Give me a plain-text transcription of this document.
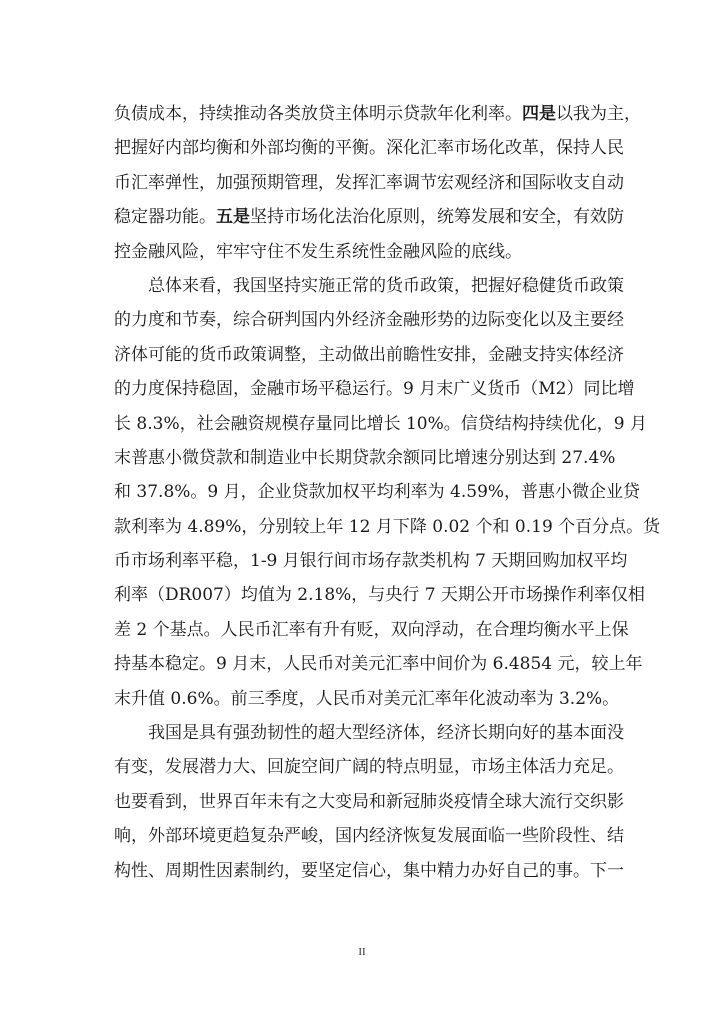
负债成本，持续推动各类放贷主体明示贷款年化利率。四是以我为主，
把握好内部均衡和外部均衡的平衡。深化汇率市场化改革，保持人民
币汇率弹性，加强预期管理，发挥汇率调节宏观经济和国际收支自动
稳定器功能。五是坚持市场化法治化原则，统筹发展和安全，有效防
控金融风险，牢牢守住不发生系统性金融风险的底线。
总体来看，我国坚持实施正常的货币政策，把握好稳健货币政策
的力度和节奏，综合研判国内外经济金融形势的边际变化以及主要经
济体可能的货币政策调整，主动做出前瞻性安排，金融支持实体经济
的力度保持稳固，金融市场平稳运行。9 月末广义货币（M2）同比增
长 8.3%，社会融资规模存量同比增长 10%。信贷结构持续优化，9 月
末普惠小微贷款和制造业中长期贷款余额同比增速分别达到 27.4%
和 37.8%。9 月，企业贷款加权平均利率为 4.59%，普惠小微企业贷
款利率为 4.89%，分别较上年 12 月下降 0.02 个和 0.19 个百分点。货
币市场利率平稳，1-9 月银行间市场存款类机构 7 天期回购加权平均
利率（DR007）均值为 2.18%，与央行 7 天期公开市场操作利率仅相
差 2 个基点。人民币汇率有升有贬，双向浮动，在合理均衡水平上保
持基本稳定。9 月末，人民币对美元汇率中间价为 6.4854 元，较上年
末升值 0.6%。前三季度，人民币对美元汇率年化波动率为 3.2%。
我国是具有强劲韧性的超大型经济体，经济长期向好的基本面没
有变，发展潜力大、回旋空间广阔的特点明显，市场主体活力充足。
也要看到，世界百年未有之大变局和新冠肺炎疫情全球大流行交织影
响，外部环境更趋复杂严峻，国内经济恢复发展面临一些阶段性、结
构性、周期性因素制约，要坚定信心，集中精力办好自己的事。下一
II
